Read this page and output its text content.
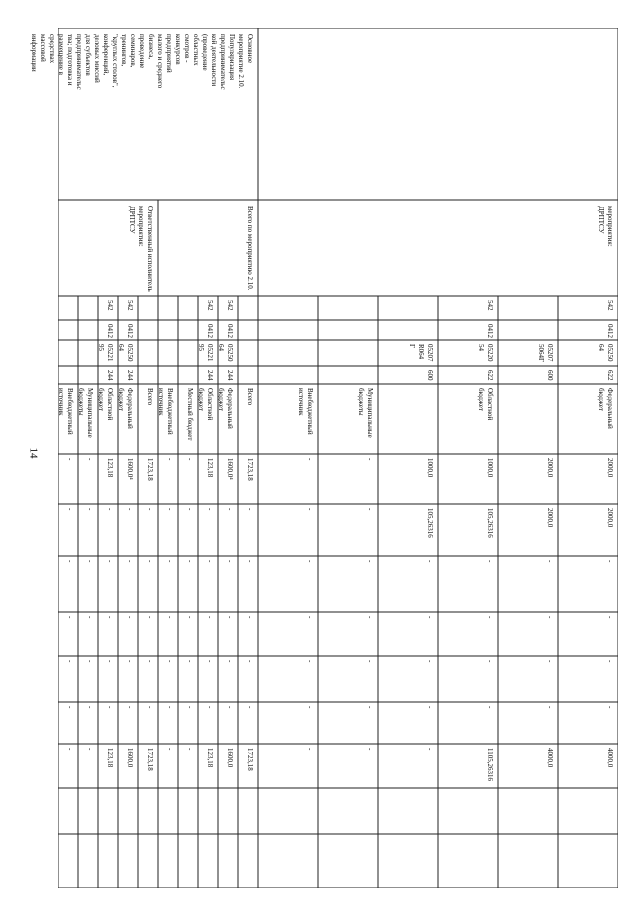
14
мероприятия:
ДРПТСУ
Основное
мероприятие 2.10.
Популяризация
предпринимательс
кой деятельности
(проведение
областных
смотров -
конкурсов
предприятий
малого и среднего
бизнеса,
проведение
семинаров,
тренингов,
"круглых столов",
конференций,
деловых миссий
для субъектов
предпринимательс
тва; подготовка и
размещение в
средствах
массовой
информации
Всего по мероприятию 2.10.
Ответственный исполнитель
мероприятия:
ДРПТСУ
542
0412
05250
64
622
Федеральный
бюджет
2000,0
2000,0
-
-
-
-
4000,0
05207
5064Г
600
2000,0
2000,0
-
-
-
-
4000,0
542
0412
05220
54
622
Областной
бюджет
1000,0
105,26316
-
-
-
-
1105,26316
05207
R064
Г
600
1000,0
105,26316
-
-
-
-
-
Муниципальные
бюджеты
-
-
-
-
-
-
-
Внебюджетный
источник
-
-
-
-
-
-
-
Всего
1723,18
-
-
-
-
-
1723,18
542
0412
05250
64
244
Федеральный
бюджет
1600,0⁴
-
-
-
-
-
1600,0
542
0412
05221
95
244
Областной
бюджет
123,18
-
-
-
-
-
123,18
Местный бюджет
-
-
-
-
-
-
-
Внебюджетный
источник
-
-
-
-
-
-
-
Всего
1723,18
-
-
-
-
-
1723,18
542
0412
05250
64
244
Федеральный
бюджет
1600,0⁴
-
-
-
-
-
1600,0
542
0412
05221
95
244
Областной
бюджет
123,18
-
-
-
-
-
123,18
Муниципальные
бюджеты
-
-
-
-
-
-
-
Внебюджетный
источник
-
-
-
-
-
-
-
